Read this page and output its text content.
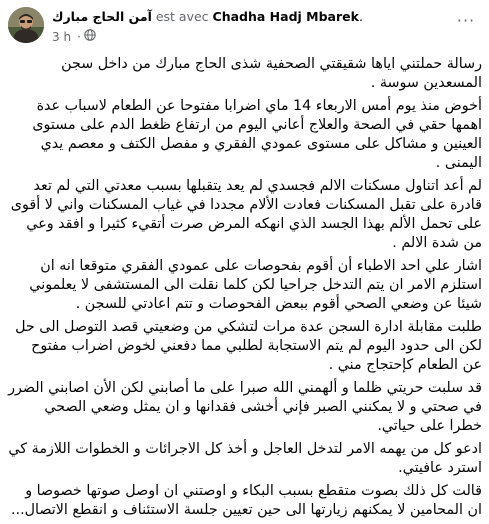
آمن الحاج مبارك est avec Chadha Hadj Mbarek.
3 h ·
···

رسالة حملتني اياها شقيقتي الصحفية شذى الحاج مبارك من داخل سجن المسعدين سوسة .

أخوض منذ يوم أمس الاربعاء 14 ماي اضرابا مفتوحا عن الطعام لاسباب عدة اهمها حقي في الصحة والعلاج أعاني اليوم من ارتفاع ظغط الدم على مستوى العينين و مشاكل على مستوى عمودي الفقري و مفصل الكتف و معصم يدي اليمنى .

لم أعد اتناول مسكنات الالم فجسدي لم يعد يتقبلها بسبب معدتي التي لم تعد قادرة على تقبل المسكنات فعادت الألام مجددا في غياب المسكنات واني لا أقوى على تحمل الألم بهذا الجسد الذي انهكه المرض صرت أتقيء كثيرا و افقد وعي من شدة الالم .

اشار علي احد الاطباء أن أقوم بفحوصات على عمودي الفقري متوقعا انه ان استلزم الامر ان يتم التدخل جراحيا لكن كلما نقلت الى المستشفى لا يعلموني شيئا عن وضعي الصحي أقوم ببعض الفحوصات و تتم اعادتي للسجن .

طلبت مقابلة ادارة السجن عدة مرات لتشكي من وضعيتي قصد التوصل الى حل لكن الى حدود اليوم لم يتم الاستجابة لطلبي مما دفعني لخوض اضراب مفتوح عن الطعام كإحتجاج مني .

قد سلبت حريتي ظلما و ألهمني الله صبرا على ما أصابني لكن الأن اصابني الضرر في صحتي و لا يمكنني الصبر فإني أخشى فقدانها و ان يمثل وضعي الصحي خطرا على حياتي.

ادعو كل من يهمه الامر لتدخل العاجل و أخذ كل الاجرائات و الخطوات اللازمة كي استرد عافيتي.

قالت كل ذلك بصوت متقطع بسبب البكاء و اوصتني ان اوصل صوتها خصوصا و ان المحامين لا يمكنهم زيارتها الى حين تعيين جلسة الاستئناف و انقطع الاتصال...
